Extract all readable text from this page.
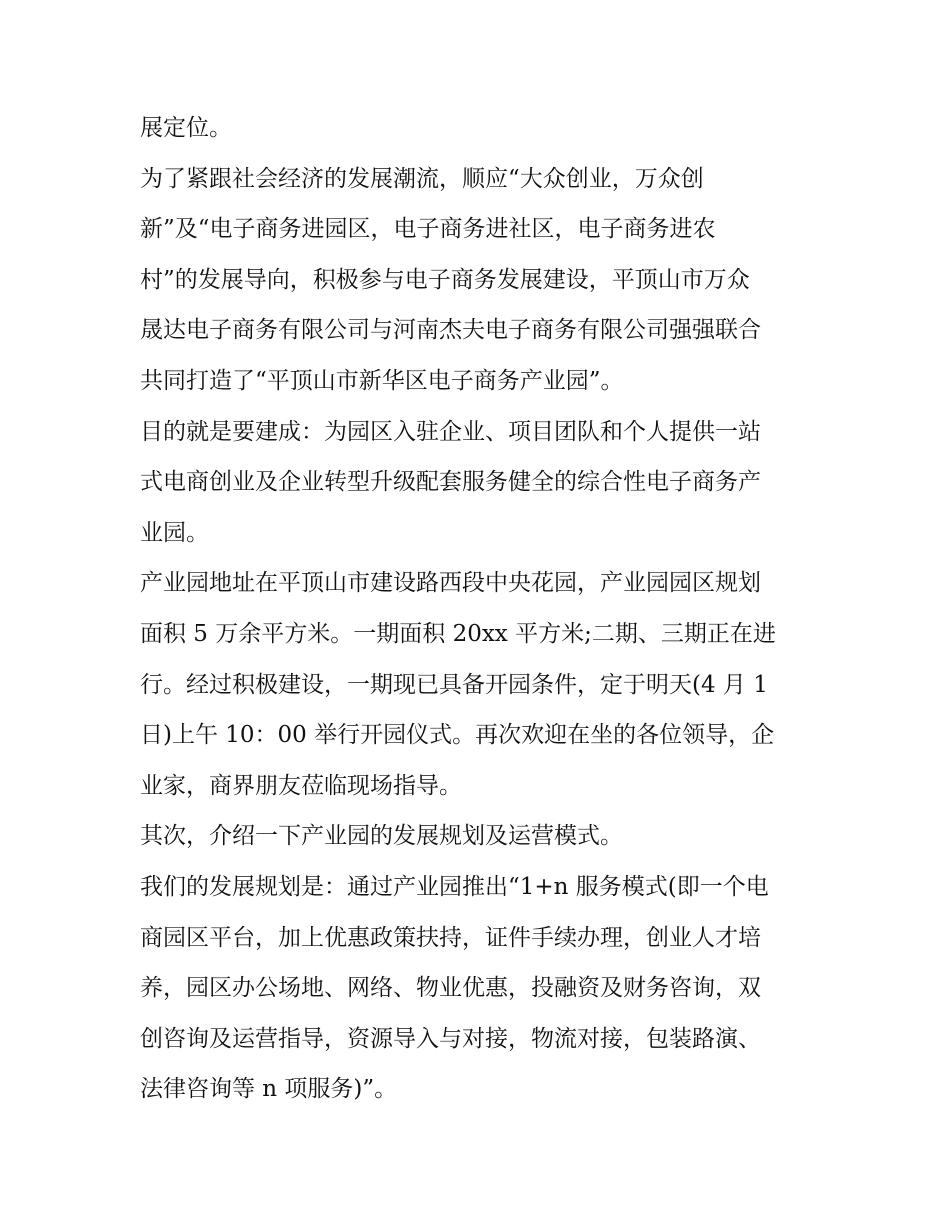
展定位。
为了紧跟社会经济的发展潮流，顺应“大众创业，万众创
新”及“电子商务进园区，电子商务进社区，电子商务进农
村”的发展导向，积极参与电子商务发展建设，平顶山市万众
晟达电子商务有限公司与河南杰夫电子商务有限公司强强联合
共同打造了“平顶山市新华区电子商务产业园”。
目的就是要建成：为园区入驻企业、项目团队和个人提供一站
式电商创业及企业转型升级配套服务健全的综合性电子商务产
业园。
产业园地址在平顶山市建设路西段中央花园，产业园园区规划
面积 5 万余平方米。一期面积 20xx 平方米;二期、三期正在进
行。经过积极建设，一期现已具备开园条件，定于明天(4 月 1
日)上午 10：00 举行开园仪式。再次欢迎在坐的各位领导，企
业家，商界朋友莅临现场指导。
其次，介绍一下产业园的发展规划及运营模式。
我们的发展规划是：通过产业园推出“1+n 服务模式(即一个电
商园区平台，加上优惠政策扶持，证件手续办理，创业人才培
养，园区办公场地、网络、物业优惠，投融资及财务咨询，双
创咨询及运营指导，资源导入与对接，物流对接，包装路演、
法律咨询等 n 项服务)”。
